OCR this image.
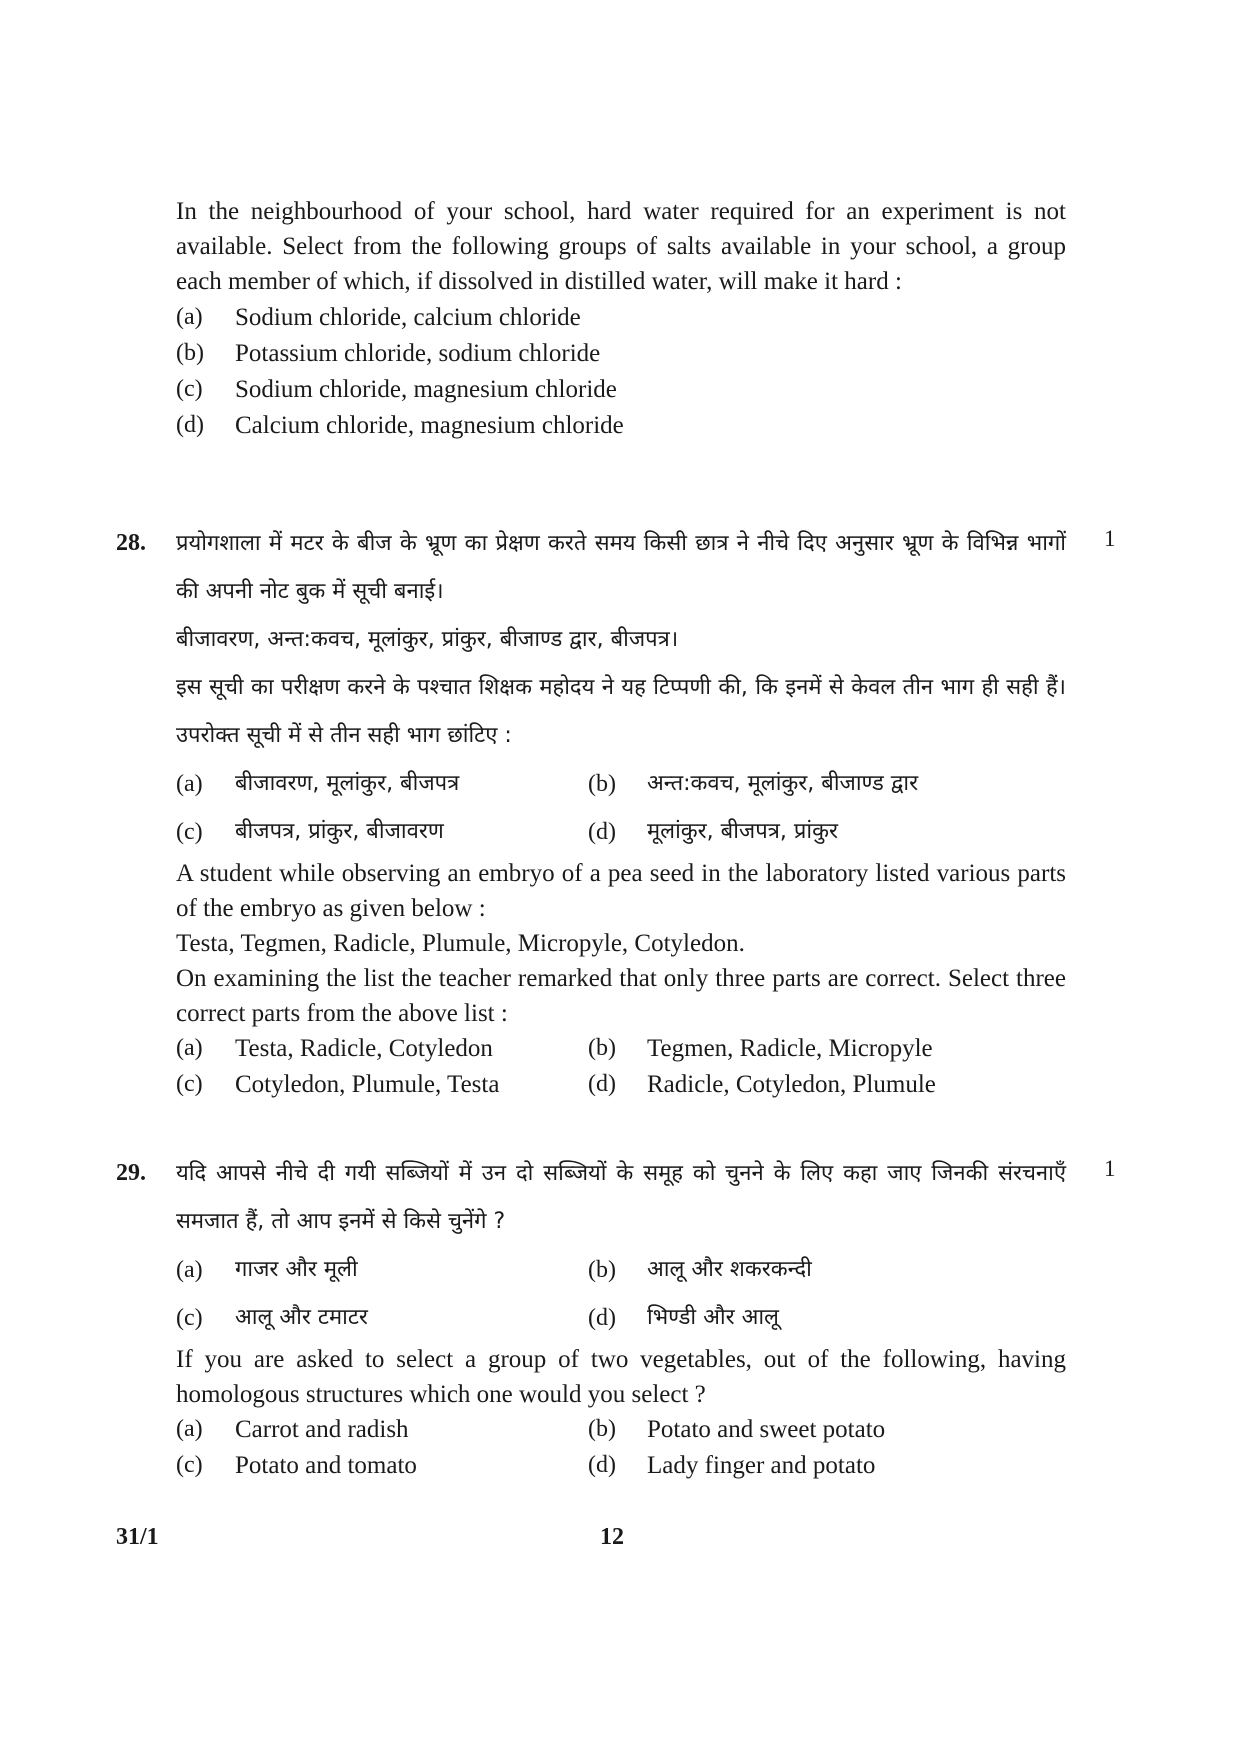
In the neighbourhood of your school, hard water required for an experiment is not available. Select from the following groups of salts available in your school, a group each member of which, if dissolved in distilled water, will make it hard :

(a)	Sodium chloride, calcium chloride
(b)	Potassium chloride, sodium chloride
(c)	Sodium chloride, magnesium chloride
(d)	Calcium chloride, magnesium chloride
28.	1

प्रयोगशाला में मटर के बीज के भ्रूण का प्रेक्षण करते समय किसी छात्र ने नीचे दिए अनुसार भ्रूण के विभिन्न भागों की अपनी नोट बुक में सूची बनाई।

बीजावरण, अन्त:कवच, मूलांकुर, प्रांकुर, बीजाण्ड द्वार, बीजपत्र।

इस सूची का परीक्षण करने के पश्चात शिक्षक महोदय ने यह टिप्पणी की, कि इनमें से केवल तीन भाग ही सही हैं। उपरोक्त सूची में से तीन सही भाग छांटिए :

(a)	बीजावरण, मूलांकुर, बीजपत्र	(b) अन्त:कवच, मूलांकुर, बीजाण्ड द्वार
(c)	बीजपत्र, प्रांकुर, बीजावरण	(d) मूलांकुर, बीजपत्र, प्रांकुर

A student while observing an embryo of a pea seed in the laboratory listed various parts of the embryo as given below :

Testa, Tegmen, Radicle, Plumule, Micropyle, Cotyledon.

On examining the list the teacher remarked that only three parts are correct. Select three correct parts from the above list :

(a)	Testa, Radicle, Cotyledon	(b) Tegmen, Radicle, Micropyle
(c)	Cotyledon, Plumule, Testa	(d) Radicle, Cotyledon, Plumule
29.	1

यदि आपसे नीचे दी गयी सब्जियों में उन दो सब्जियों के समूह को चुनने के लिए कहा जाए जिनकी संरचनाएँ समजात हैं, तो आप इनमें से किसे चुनेंगे ?

(a)	गाजर और मूली	(b) आलू और शकरकन्दी
(c)	आलू और टमाटर	(d) भिण्डी और आलू

If you are asked to select a group of two vegetables, out of the following, having homologous structures which one would you select ?

(a)	Carrot and radish	(b) Potato and sweet potato
(c)	Potato and tomato	(d) Lady finger and potato
31/1	12
